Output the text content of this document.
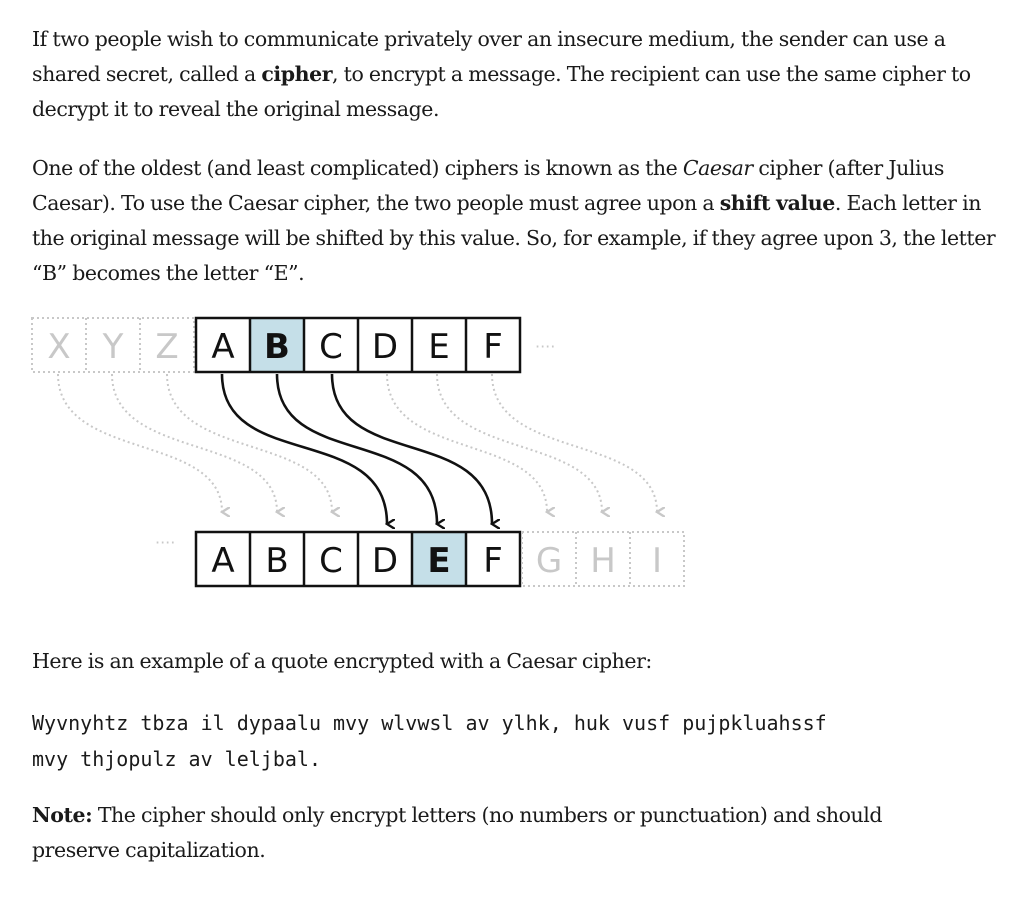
If two people wish to communicate privately over an insecure medium, the sender can use a shared secret, called a cipher, to encrypt a message. The recipient can use the same cipher to decrypt it to reveal the original message.

One of the oldest (and least complicated) ciphers is known as the Caesar cipher (after Julius Caesar). To use the Caesar cipher, the two people must agree upon a shift value. Each letter in the original message will be shifted by this value. So, for example, if they agree upon 3, the letter “B” becomes the letter “E”.

Here is an example of a quote encrypted with a Caesar cipher:

Wyvnyhtz tbza il dypaalu mvy wlvwsl av ylhk, huk vusf pujpkluahssf
mvy thjopulz av leljbal.

Note: The cipher should only encrypt letters (no numbers or punctuation) and should preserve capitalization.

X Y Z A B C D E F ····
···· A B C D E F G H I
